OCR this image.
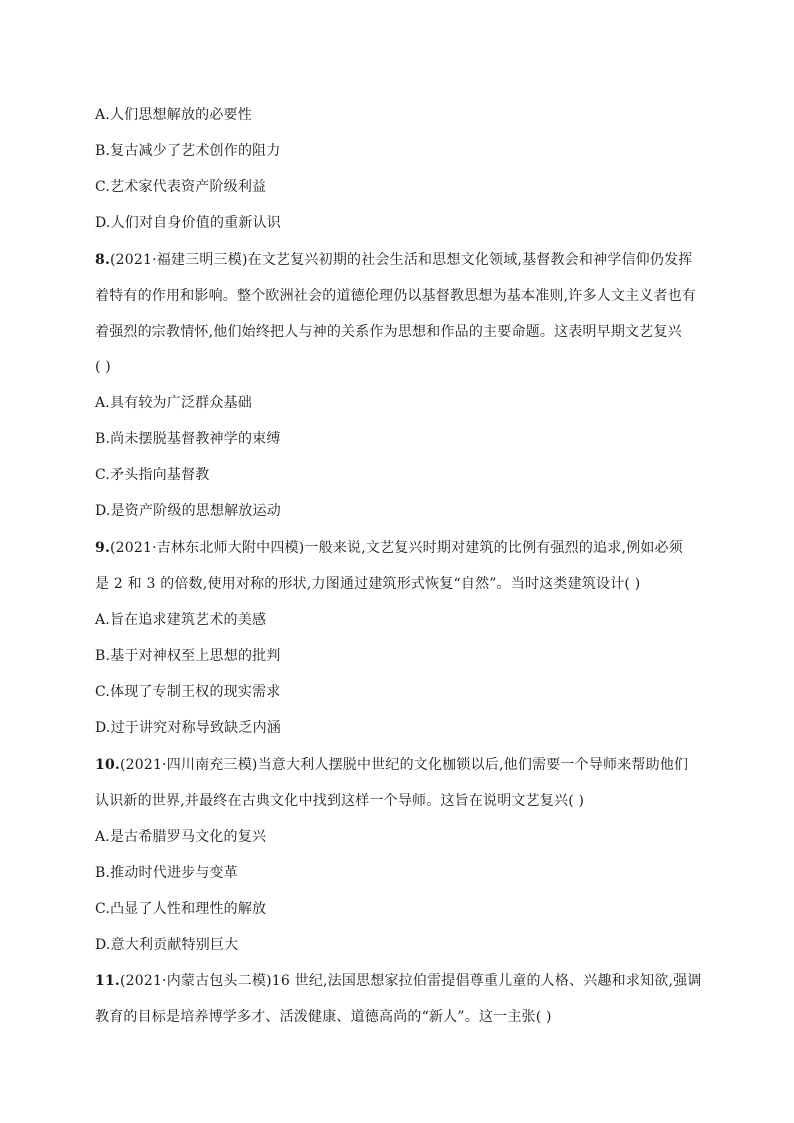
A.人们思想解放的必要性
B.复古减少了艺术创作的阻力
C.艺术家代表资产阶级利益
D.人们对自身价值的重新认识
8.(2021·福建三明三模)在文艺复兴初期的社会生活和思想文化领域,基督教会和神学信仰仍发挥
着特有的作用和影响。整个欧洲社会的道德伦理仍以基督教思想为基本准则,许多人文主义者也有
着强烈的宗教情怀,他们始终把人与神的关系作为思想和作品的主要命题。这表明早期文艺复兴
( )
A.具有较为广泛群众基础
B.尚未摆脱基督教神学的束缚
C.矛头指向基督教
D.是资产阶级的思想解放运动
9.(2021·吉林东北师大附中四模)一般来说,文艺复兴时期对建筑的比例有强烈的追求,例如必须
是 2 和 3 的倍数,使用对称的形状,力图通过建筑形式恢复“自然”。当时这类建筑设计( )
A.旨在追求建筑艺术的美感
B.基于对神权至上思想的批判
C.体现了专制王权的现实需求
D.过于讲究对称导致缺乏内涵
10.(2021·四川南充三模)当意大利人摆脱中世纪的文化枷锁以后,他们需要一个导师来帮助他们
认识新的世界,并最终在古典文化中找到这样一个导师。这旨在说明文艺复兴( )
A.是古希腊罗马文化的复兴
B.推动时代进步与变革
C.凸显了人性和理性的解放
D.意大利贡献特别巨大
11.(2021·内蒙古包头二模)16 世纪,法国思想家拉伯雷提倡尊重儿童的人格、兴趣和求知欲,强调
教育的目标是培养博学多才、活泼健康、道德高尚的“新人”。这一主张( )
